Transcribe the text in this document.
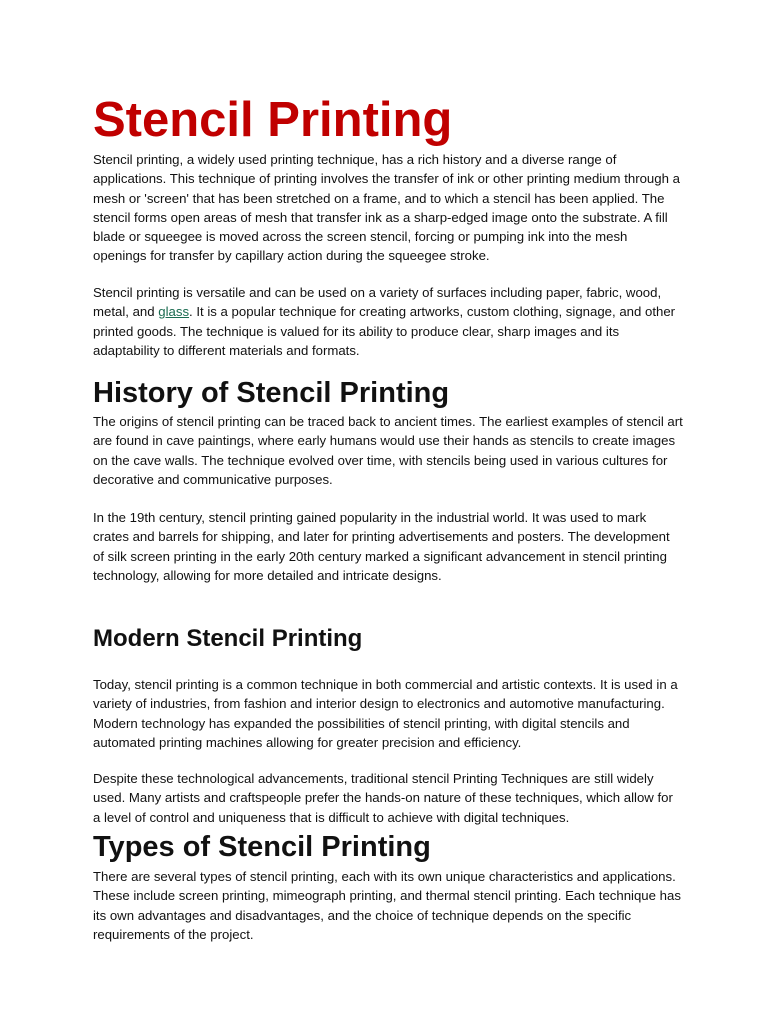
Stencil Printing

Stencil printing, a widely used printing technique, has a rich history and a diverse range of applications. This technique of printing involves the transfer of ink or other printing medium through a mesh or 'screen' that has been stretched on a frame, and to which a stencil has been applied. The stencil forms open areas of mesh that transfer ink as a sharp-edged image onto the substrate. A fill blade or squeegee is moved across the screen stencil, forcing or pumping ink into the mesh openings for transfer by capillary action during the squeegee stroke.

Stencil printing is versatile and can be used on a variety of surfaces including paper, fabric, wood, metal, and glass. It is a popular technique for creating artworks, custom clothing, signage, and other printed goods. The technique is valued for its ability to produce clear, sharp images and its adaptability to different materials and formats.

History of Stencil Printing

The origins of stencil printing can be traced back to ancient times. The earliest examples of stencil art are found in cave paintings, where early humans would use their hands as stencils to create images on the cave walls. The technique evolved over time, with stencils being used in various cultures for decorative and communicative purposes.

In the 19th century, stencil printing gained popularity in the industrial world. It was used to mark crates and barrels for shipping, and later for printing advertisements and posters. The development of silk screen printing in the early 20th century marked a significant advancement in stencil printing technology, allowing for more detailed and intricate designs.

Modern Stencil Printing

Today, stencil printing is a common technique in both commercial and artistic contexts. It is used in a variety of industries, from fashion and interior design to electronics and automotive manufacturing. Modern technology has expanded the possibilities of stencil printing, with digital stencils and automated printing machines allowing for greater precision and efficiency.

Despite these technological advancements, traditional stencil Printing Techniques are still widely used. Many artists and craftspeople prefer the hands-on nature of these techniques, which allow for a level of control and uniqueness that is difficult to achieve with digital techniques.

Types of Stencil Printing

There are several types of stencil printing, each with its own unique characteristics and applications. These include screen printing, mimeograph printing, and thermal stencil printing. Each technique has its own advantages and disadvantages, and the choice of technique depends on the specific requirements of the project.
